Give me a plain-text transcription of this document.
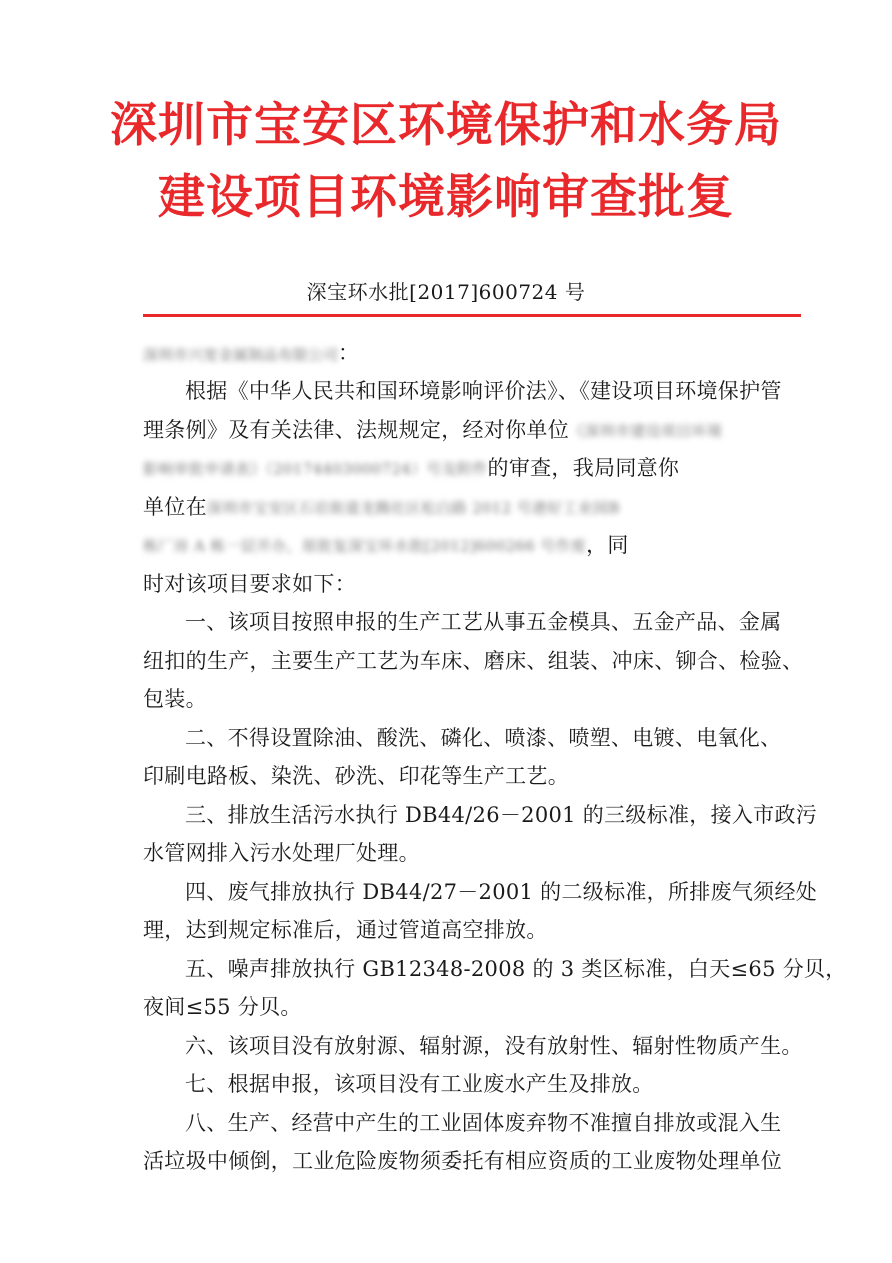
深圳市宝安区环境保护和水务局
建设项目环境影响审查批复
深宝环水批[2017]600724 号
深圳市兴宽金属制品有限公司：
根据《中华人民共和国环境影响评价法》、《建设项目环境保护管
理条例》及有关法律、法规规定，经对你单位《深圳市建设项目环境
影响审批申请表》（20174403000724）号及附件的审查，我局同意你
单位在深圳市宝安区石岩街道龙腾社区松白路 2012 号港好工业园B
栋厂房 A 栋一层开办，原批复深宝环水批[2012]600266 号作废，同
时对该项目要求如下：
一、该项目按照申报的生产工艺从事五金模具、五金产品、金属
纽扣的生产，主要生产工艺为车床、磨床、组装、冲床、铆合、检验、
包装。
二、不得设置除油、酸洗、磷化、喷漆、喷塑、电镀、电氧化、
印刷电路板、染洗、砂洗、印花等生产工艺。
三、排放生活污水执行 DB44/26－2001 的三级标准，接入市政污
水管网排入污水处理厂处理。
四、废气排放执行 DB44/27－2001 的二级标准，所排废气须经处
理，达到规定标准后，通过管道高空排放。
五、噪声排放执行 GB12348-2008 的 3 类区标准，白天≤65 分贝，
夜间≤55 分贝。
六、该项目没有放射源、辐射源，没有放射性、辐射性物质产生。
七、根据申报，该项目没有工业废水产生及排放。
八、生产、经营中产生的工业固体废弃物不准擅自排放或混入生
活垃圾中倾倒，工业危险废物须委托有相应资质的工业废物处理单位
